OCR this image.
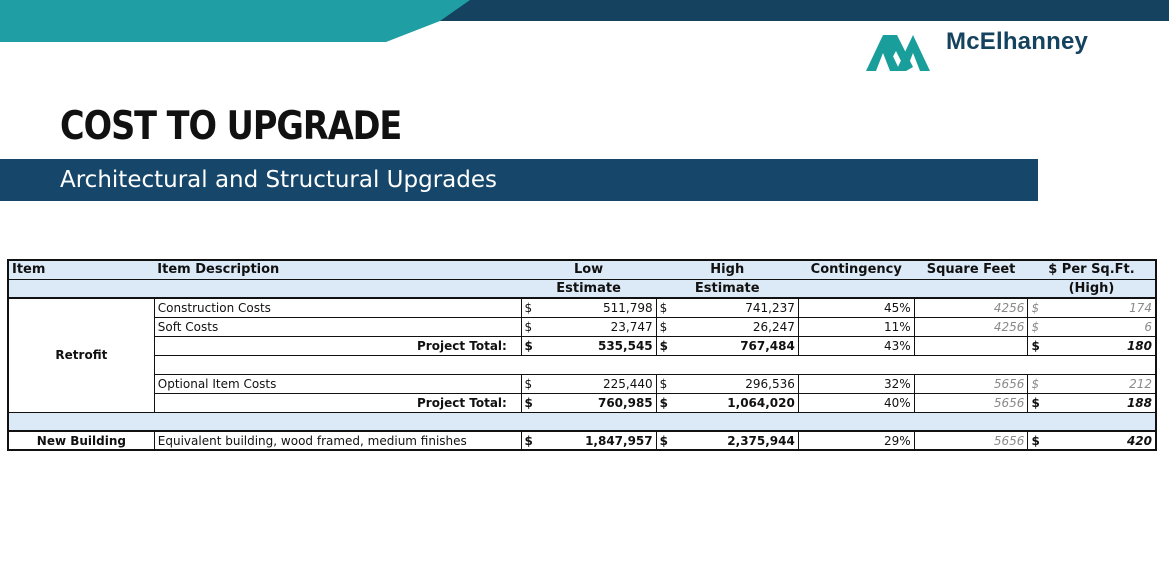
McElhanney
COST TO UPGRADE
Architectural and Structural Upgrades
Item	Item Description		Low		High		Contingency	Square Feet	$ Per Sq.Ft.	
			Estimate		Estimate				(High)	
Retrofit	Construction Costs		$	511,798	$	741,237	45%	4256	$	174
	Soft Costs		$	23,747	$	26,247	11%	4256	$	6
	Project Total:		$	535,545	$	767,484	43%		$	180

	Optional Item Costs		$	225,440	$	296,536	32%	5656	$	212
	Project Total:		$	760,985	$	1,064,020	40%	5656	$	188

New Building	Equivalent building, wood framed, medium finishes		$	1,847,957	$	2,375,944	29%	5656	$	420
